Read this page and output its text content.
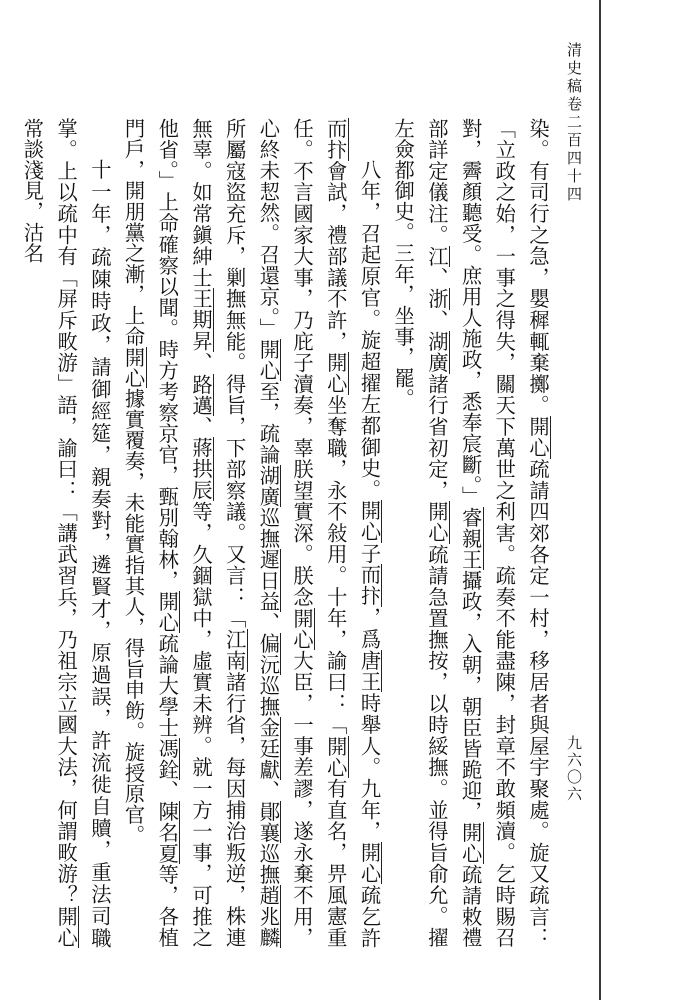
清史稿卷二百四十四
九六〇六

染。有司行之急，嬰穉輒棄擲。開心疏請四郊各定一村，移居者與屋宇聚處。旋又疏言：「立政之始，一事之得失，關天下萬世之利害。疏奏不能盡陳，封章不敢頻瀆。乞時賜召對，霽顏聽受。庶用人施政，悉奉宸斷。」睿親王攝政，入朝，朝臣皆跪迎，開心疏請敕禮部詳定儀注。江、浙、湖廣諸行省初定，開心疏請急置撫按，以時綏撫。並得旨俞允。擢左僉都御史。三年，坐事，罷。

八年，召起原官。旋超擢左都御史。開心子而抃，爲唐王時舉人。九年，開心疏乞許而抃會試，禮部議不許，開心坐奪職，永不敍用。十年，諭曰：「開心有直名，畀風憲重任。不言國家大事，乃庇子瀆奏，辜朕望實深。朕念開心大臣，一事差謬，遂永棄不用，心終未恝然。召還京。」開心至，疏論湖廣巡撫遲日益、偏沅巡撫金廷獻、鄖襄巡撫趙兆麟所屬寇盜充斥，剿撫無能。得旨，下部察議。又言：「江南諸行省，每因捕治叛逆，株連無辜。如常鎭紳士王期昇、路邁、蔣拱辰等，久錮獄中，虛實未辨。就一方一事，可推之他省。」上命確察以聞。時方考察京官，甄別翰林，開心疏論大學士馮銓、陳名夏等，各植門戶，開朋黨之漸，上命開心據實覆奏，未能實指其人，得旨申飭。旋授原官。

十一年，疏陳時政，請御經筵，親奏對，遴賢才，原過誤，許流徙自贖，重法司職掌。上以疏中有「屏斥畋游」語，諭曰：「講武習兵，乃祖宗立國大法，何謂畋游？開心常談淺見，沽名
